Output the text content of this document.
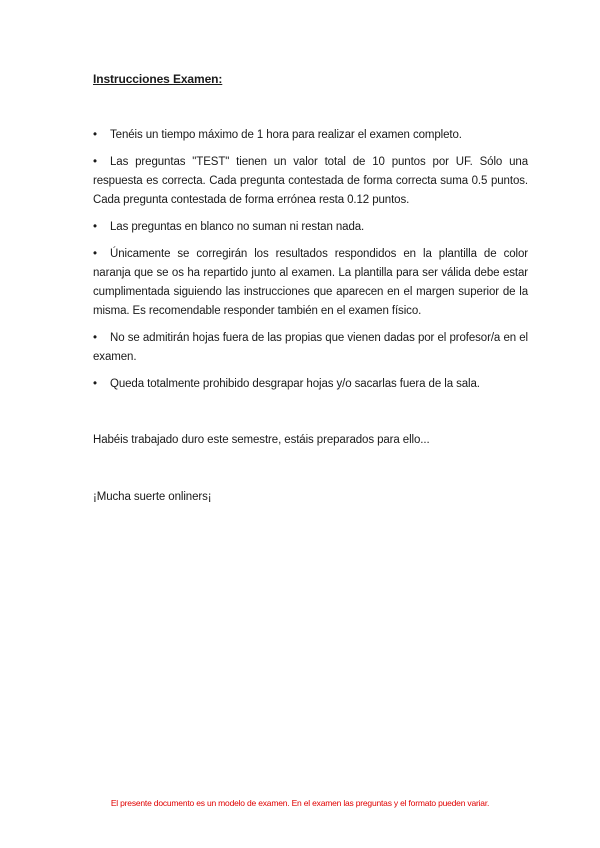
Instrucciones Examen:
• Tenéis un tiempo máximo de 1 hora para realizar el examen completo.
• Las preguntas "TEST" tienen un valor total de 10 puntos por UF. Sólo una respuesta es correcta. Cada pregunta contestada de forma correcta suma 0.5 puntos. Cada pregunta contestada de forma errónea resta 0.12 puntos.
• Las preguntas en blanco no suman ni restan nada.
• Únicamente se corregirán los resultados respondidos en la plantilla de color naranja que se os ha repartido junto al examen. La plantilla para ser válida debe estar cumplimentada siguiendo las instrucciones que aparecen en el margen superior de la misma. Es recomendable responder también en el examen físico.
• No se admitirán hojas fuera de las propias que vienen dadas por el profesor/a en el examen.
• Queda totalmente prohibido desgrapar hojas y/o sacarlas fuera de la sala.
Habéis trabajado duro este semestre, estáis preparados para ello...
¡Mucha suerte onliners¡
El presente documento es un modelo de examen. En el examen las preguntas y el formato pueden variar.
